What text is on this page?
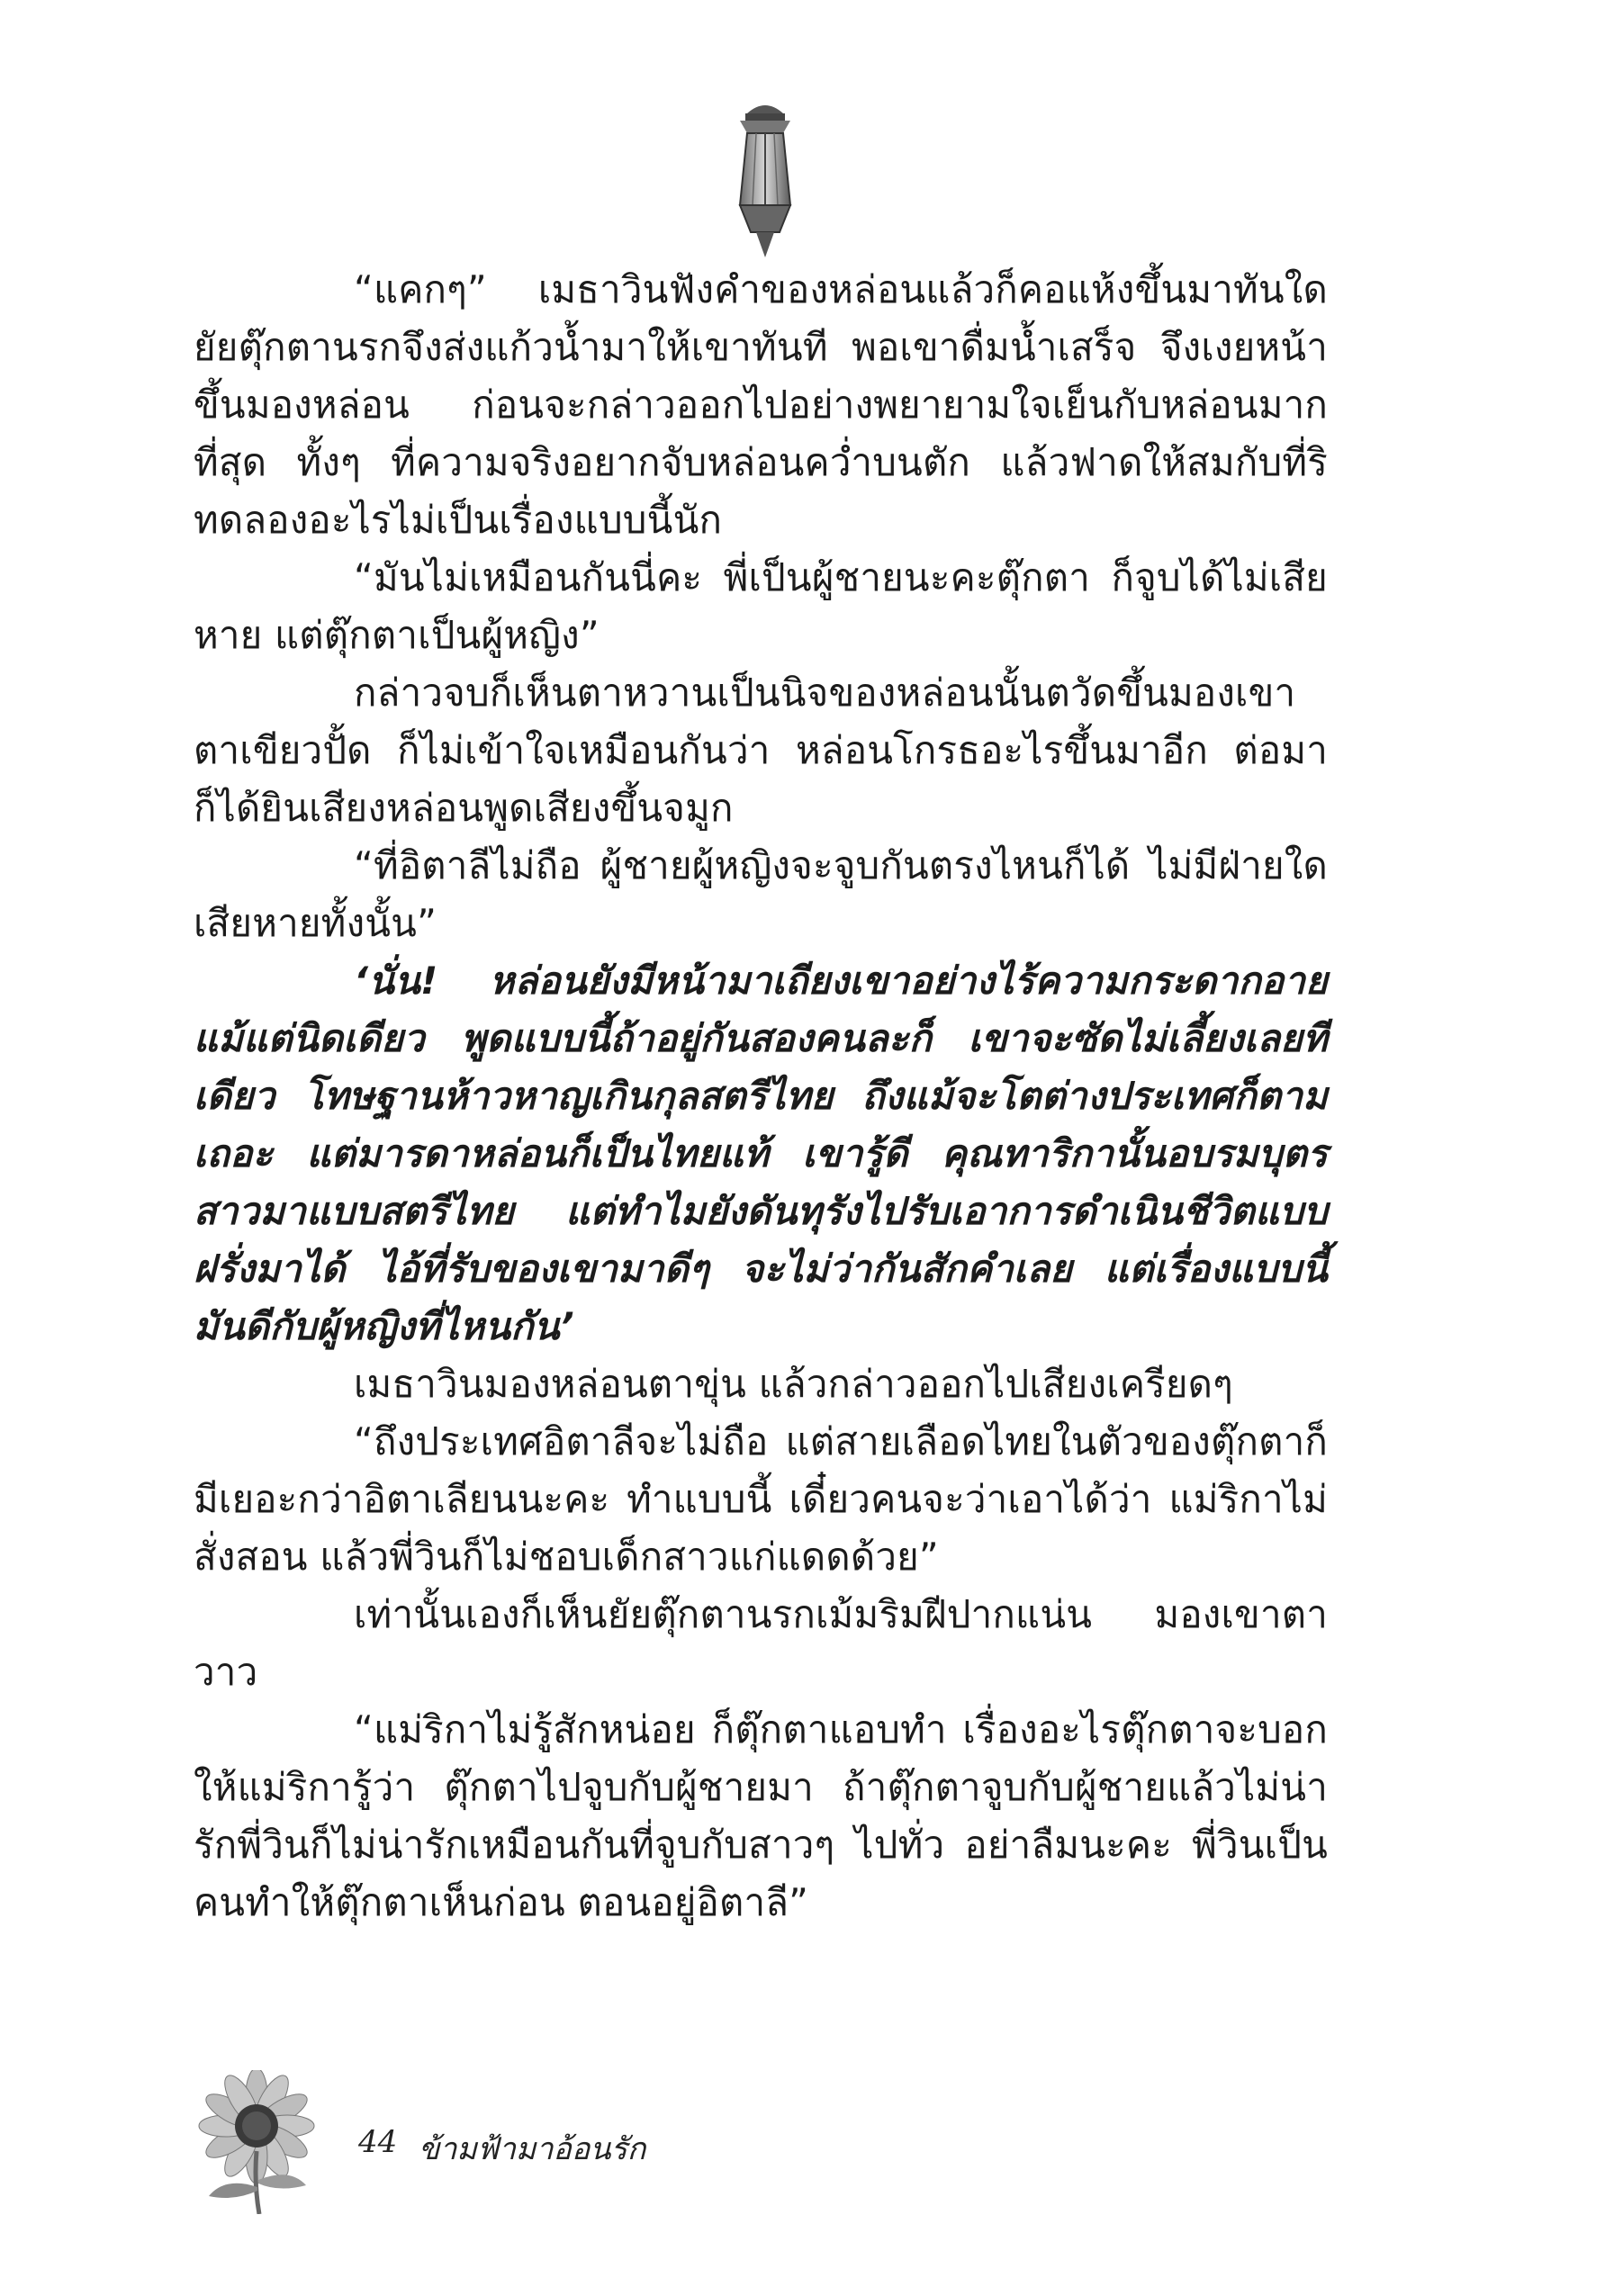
“แคกๆ” เมธาวินฟังคำของหล่อนแล้วก็คอแห้งขึ้นมาทันใด ยัยตุ๊กตานรกจึงส่งแก้วน้ำมาให้เขาทันที พอเขาดื่มน้ำเสร็จ จึงเงยหน้าขึ้นมองหล่อน ก่อนจะกล่าวออกไปอย่างพยายามใจเย็นกับหล่อนมากที่สุด ทั้งๆ ที่ความจริงอยากจับหล่อนคว่ำบนตัก แล้วฟาดให้สมกับที่ริทดลองอะไรไม่เป็นเรื่องแบบนี้นัก

“มันไม่เหมือนกันนี่คะ พี่เป็นผู้ชายนะคะตุ๊กตา ก็จูบได้ไม่เสียหาย แต่ตุ๊กตาเป็นผู้หญิง”

กล่าวจบก็เห็นตาหวานเป็นนิจของหล่อนนั้นตวัดขึ้นมองเขาตาเขียวปั้ด ก็ไม่เข้าใจเหมือนกันว่า หล่อนโกรธอะไรขึ้นมาอีก ต่อมาก็ได้ยินเสียงหล่อนพูดเสียงขึ้นจมูก

“ที่อิตาลีไม่ถือ ผู้ชายผู้หญิงจะจูบกันตรงไหนก็ได้ ไม่มีฝ่ายใดเสียหายทั้งนั้น”

‘นั่น! หล่อนยังมีหน้ามาเถียงเขาอย่างไร้ความกระดากอายแม้แต่นิดเดียว พูดแบบนี้ถ้าอยู่กันสองคนละก็ เขาจะซัดไม่เลี้ยงเลยทีเดียว โทษฐานห้าวหาญเกินกุลสตรีไทย ถึงแม้จะโตต่างประเทศก็ตามเถอะ แต่มารดาหล่อนก็เป็นไทยแท้ เขารู้ดี คุณทาริกานั้นอบรมบุตรสาวมาแบบสตรีไทย แต่ทำไมยังดันทุรังไปรับเอาการดำเนินชีวิตแบบฝรั่งมาได้ ไอ้ที่รับของเขามาดีๆ จะไม่ว่ากันสักคำเลย แต่เรื่องแบบนี้มันดีกับผู้หญิงที่ไหนกัน’

เมธาวินมองหล่อนตาขุ่น แล้วกล่าวออกไปเสียงเครียดๆ

“ถึงประเทศอิตาลีจะไม่ถือ แต่สายเลือดไทยในตัวของตุ๊กตาก็มีเยอะกว่าอิตาเลียนนะคะ ทำแบบนี้ เดี๋ยวคนจะว่าเอาได้ว่า แม่ริกาไม่สั่งสอน แล้วพี่วินก็ไม่ชอบเด็กสาวแก่แดดด้วย”

เท่านั้นเองก็เห็นยัยตุ๊กตานรกเม้มริมฝีปากแน่น มองเขาตาวาว

“แม่ริกาไม่รู้สักหน่อย ก็ตุ๊กตาแอบทำ เรื่องอะไรตุ๊กตาจะบอกให้แม่ริการู้ว่า ตุ๊กตาไปจูบกับผู้ชายมา ถ้าตุ๊กตาจูบกับผู้ชายแล้วไม่น่ารักพี่วินก็ไม่น่ารักเหมือนกันที่จูบกับสาวๆ ไปทั่ว อย่าลืมนะคะ พี่วินเป็นคนทำให้ตุ๊กตาเห็นก่อน ตอนอยู่อิตาลี”

44 ข้ามฟ้ามาอ้อนรัก
